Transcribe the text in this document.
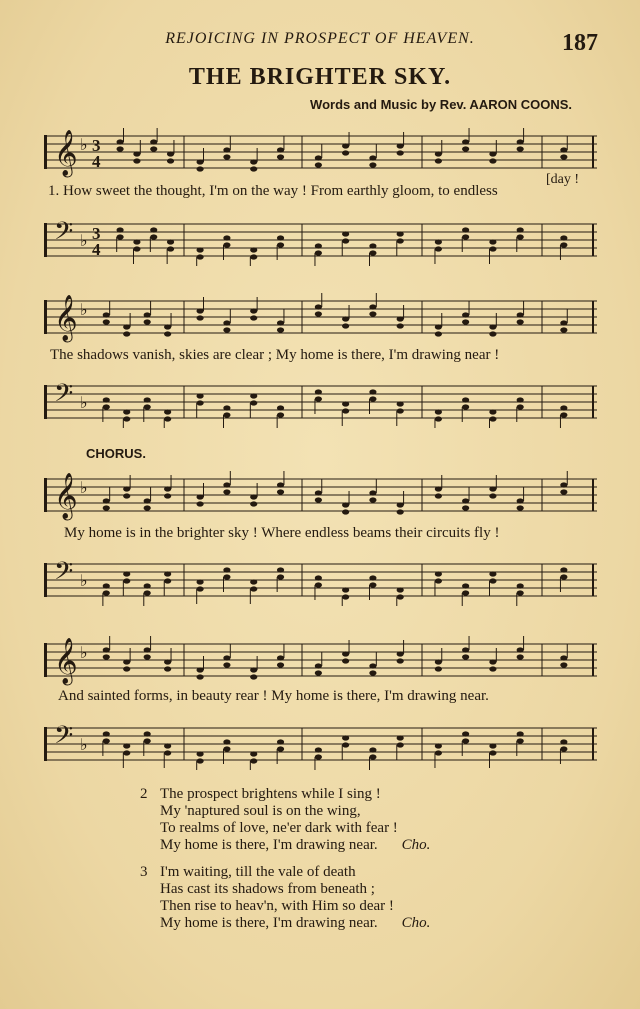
REJOICING IN PROSPECT OF HEAVEN.	187
THE BRIGHTER SKY.
Words and Music by Rev. AARON COONS.
𝄞 ♭ 3
4
1. How sweet the thought, I'm on the way ! From earthly gloom, to endless
𝄢 ♭ 3
4
[day !
𝄞 ♭
The shadows vanish, skies are clear ; My home is there, I'm drawing near !
𝄢 ♭
CHORUS.
𝄞 ♭
My home is in the brighter sky ! Where endless beams their circuits fly !
𝄢 ♭
𝄞 ♭
And sainted forms, in beauty rear ! My home is there, I'm drawing near.
𝄢 ♭
2 The prospect brightens while I sing !
My 'naptured soul is on the wing,
To realms of love, ne'er dark with fear !
My home is there, I'm drawing near. Cho.
3 I'm waiting, till the vale of death
Has cast its shadows from beneath ;
Then rise to heav'n, with Him so dear !
My home is there, I'm drawing near. Cho.
